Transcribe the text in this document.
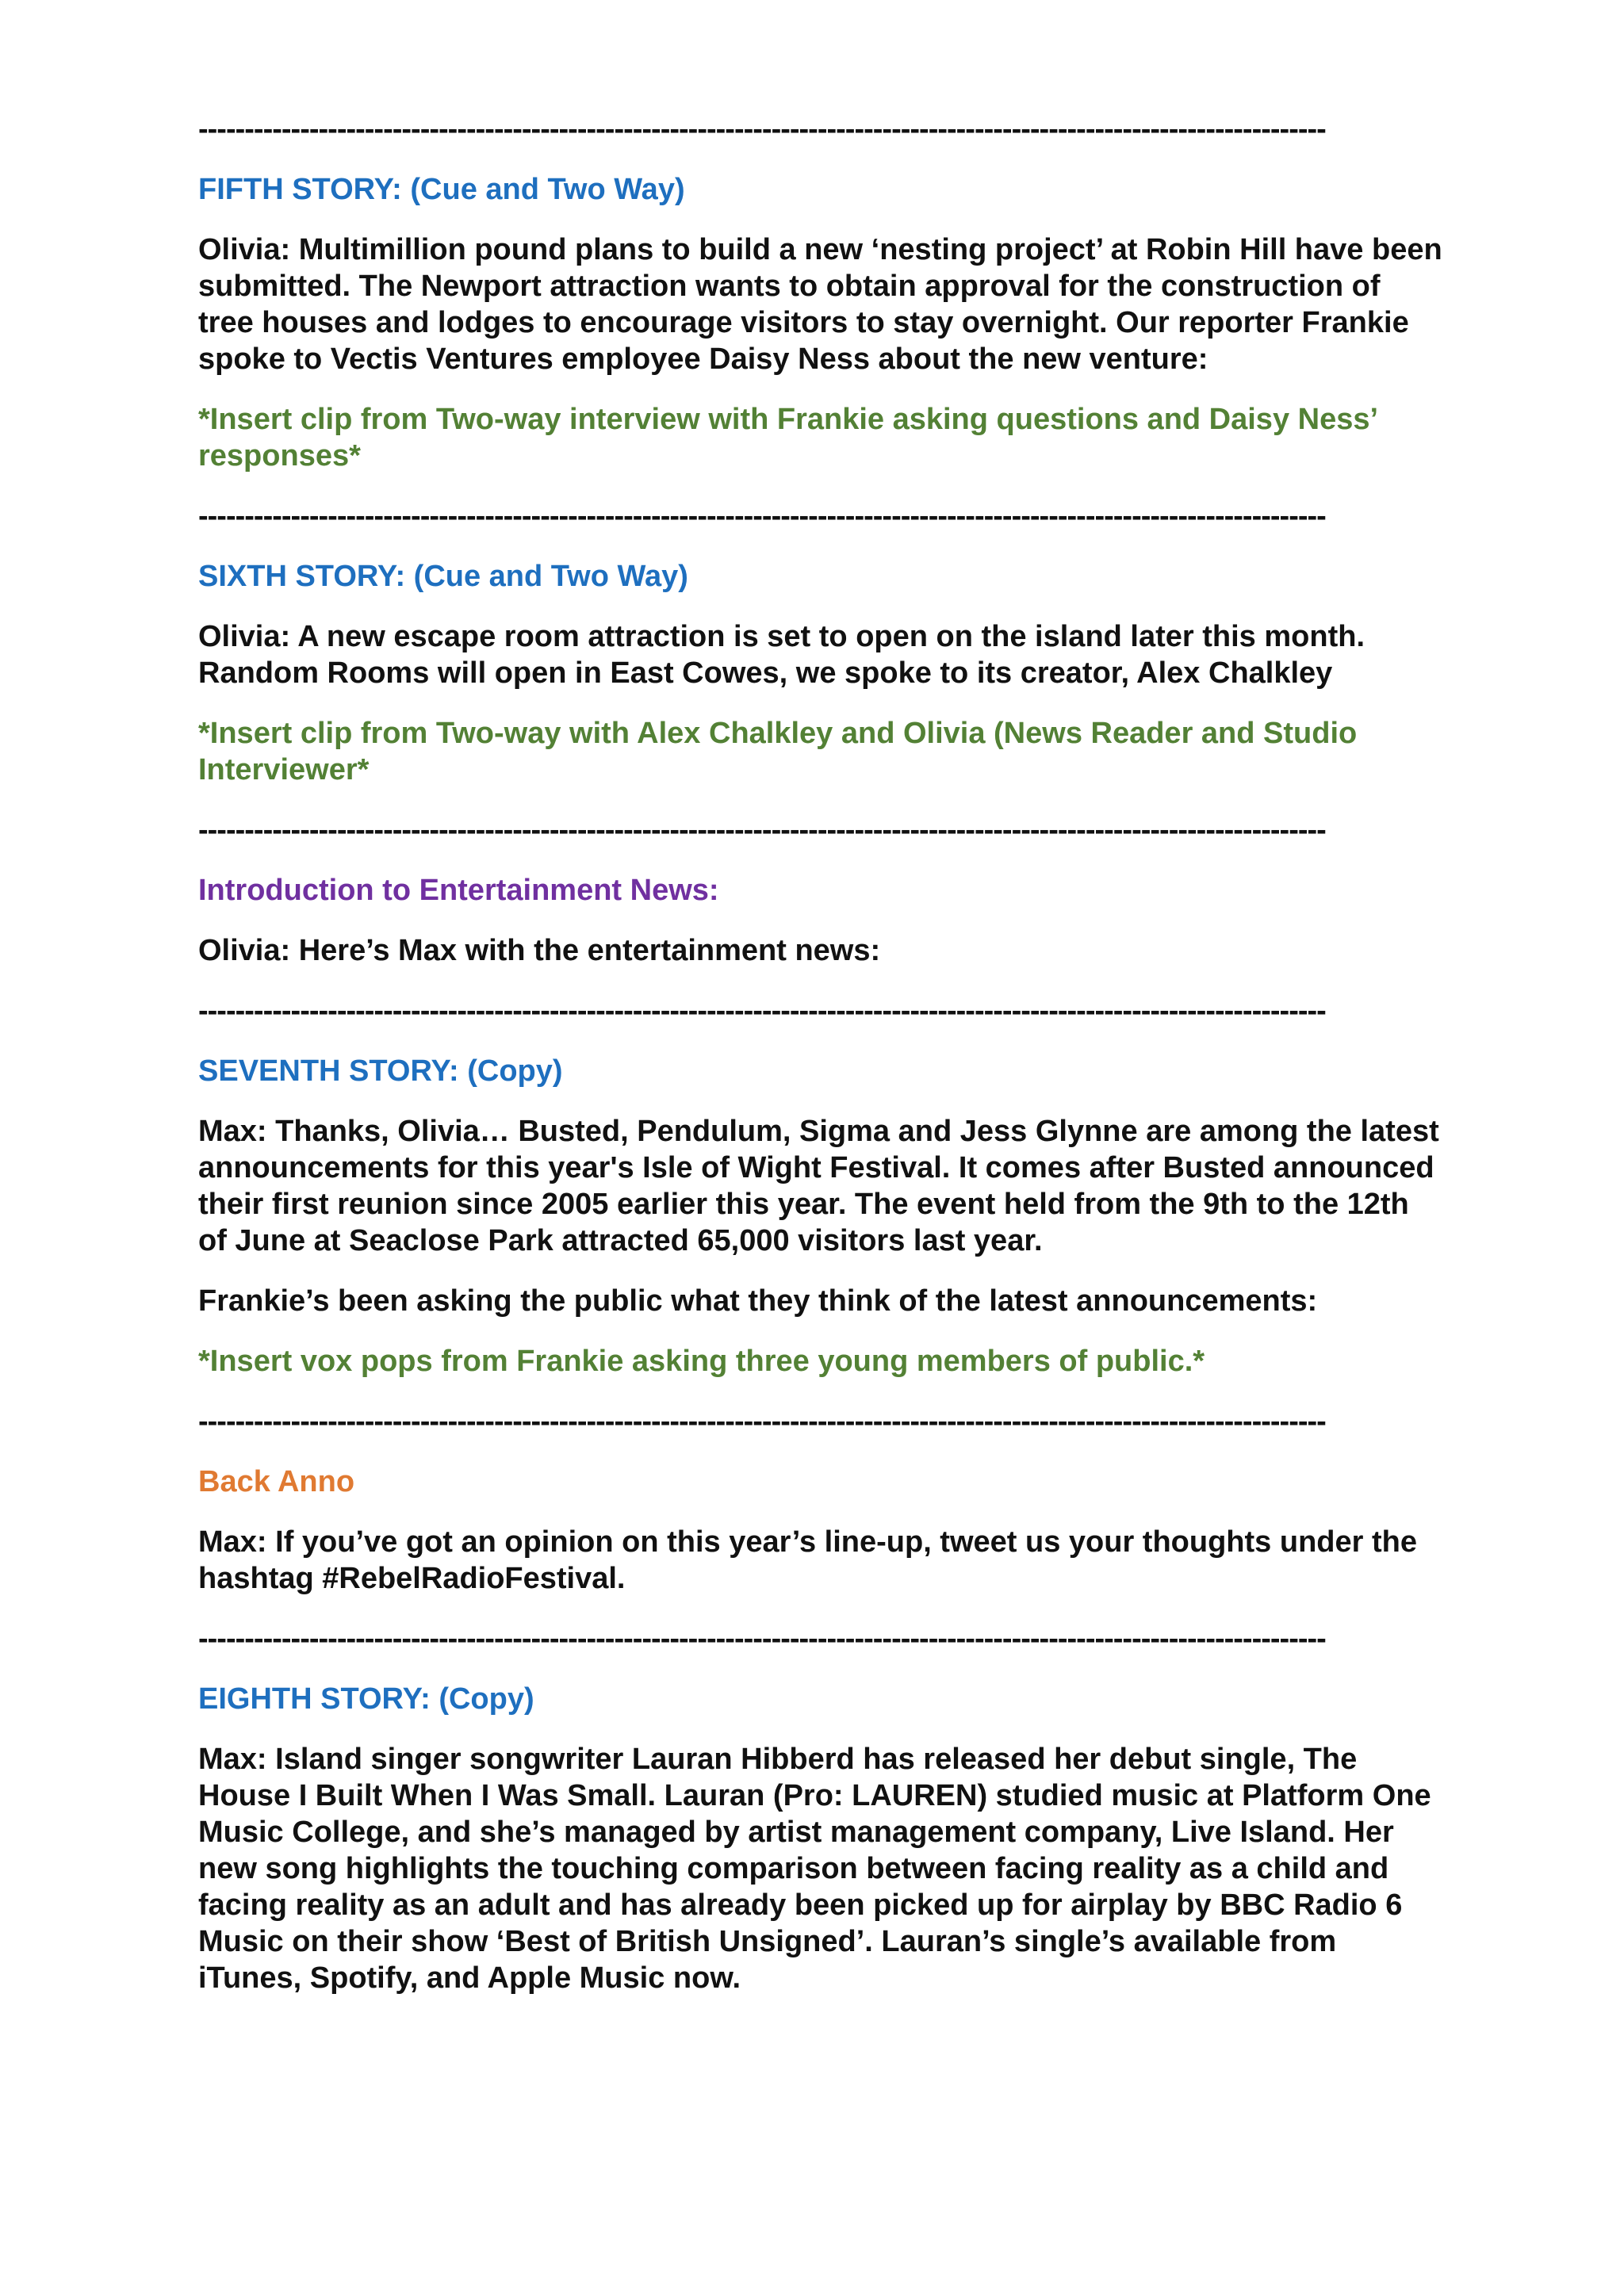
--------------------------------------------------------------------------------------------------------------------------
FIFTH STORY: (Cue and Two Way)
Olivia: Multimillion pound plans to build a new ‘nesting project’ at Robin Hill have been submitted. The Newport attraction wants to obtain approval for the construction of tree houses and lodges to encourage visitors to stay overnight. Our reporter Frankie spoke to Vectis Ventures employee Daisy Ness about the new venture:
*Insert clip from Two-way interview with Frankie asking questions and Daisy Ness’ responses*
--------------------------------------------------------------------------------------------------------------------------
SIXTH STORY: (Cue and Two Way)
Olivia: A new escape room attraction is set to open on the island later this month. Random Rooms will open in East Cowes, we spoke to its creator, Alex Chalkley
*Insert clip from Two-way with Alex Chalkley and Olivia (News Reader and Studio Interviewer*
--------------------------------------------------------------------------------------------------------------------------
Introduction to Entertainment News:
Olivia: Here’s Max with the entertainment news:
--------------------------------------------------------------------------------------------------------------------------
SEVENTH STORY: (Copy)
Max: Thanks, Olivia… Busted, Pendulum, Sigma and Jess Glynne are among the latest announcements for this year's Isle of Wight Festival. It comes after Busted announced their first reunion since 2005 earlier this year. The event held from the 9th to the 12th of June at Seaclose Park attracted 65,000 visitors last year.
Frankie’s been asking the public what they think of the latest announcements:
*Insert vox pops from Frankie asking three young members of public.*
--------------------------------------------------------------------------------------------------------------------------
Back Anno
Max: If you’ve got an opinion on this year’s line-up, tweet us your thoughts under the hashtag #RebelRadioFestival.
--------------------------------------------------------------------------------------------------------------------------
EIGHTH STORY: (Copy)
Max: Island singer songwriter Lauran Hibberd has released her debut single, The House I Built When I Was Small. Lauran (Pro: LAUREN) studied music at Platform One Music College, and she’s managed by artist management company, Live Island. Her new song highlights the touching comparison between facing reality as a child and facing reality as an adult and has already been picked up for airplay by BBC Radio 6 Music on their show ‘Best of British Unsigned’. Lauran’s single’s available from iTunes, Spotify, and Apple Music now.
